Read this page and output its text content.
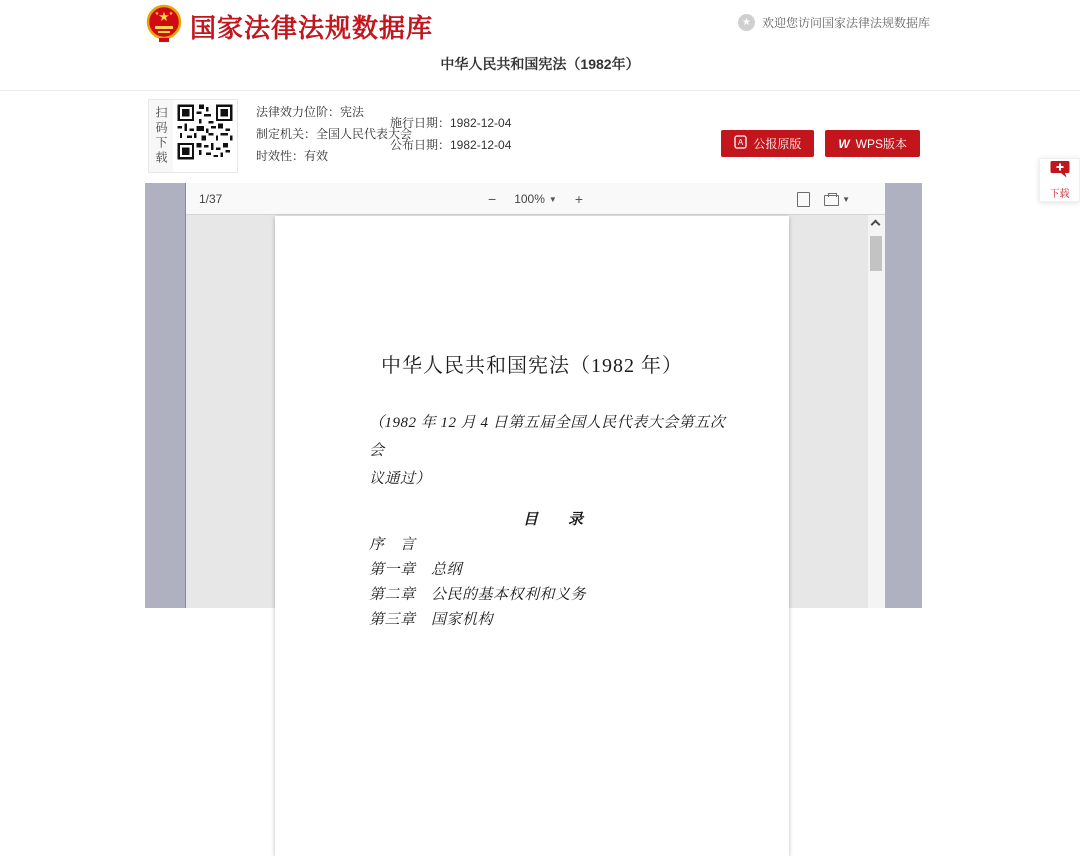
★
★ ★ 国家法律法规数据库	★ 欢迎您访问国家法律法规数据库
中华人民共和国宪法（1982年）
扫码下载	法律效力位阶：宪法
制定机关：全国人民代表大会
时效性：有效
施行日期：1982-12-04
公布日期：1982-12-04	A 公报原版	W WPS版本
下载
1/37	−	100% ▼ +	▼
中华人民共和国宪法（1982 年）
（1982 年 12 月 4 日第五届全国人民代表大会第五次会
议通过）
目　　录
序　言
第一章　总纲
第二章　公民的基本权利和义务
第三章　国家机构
